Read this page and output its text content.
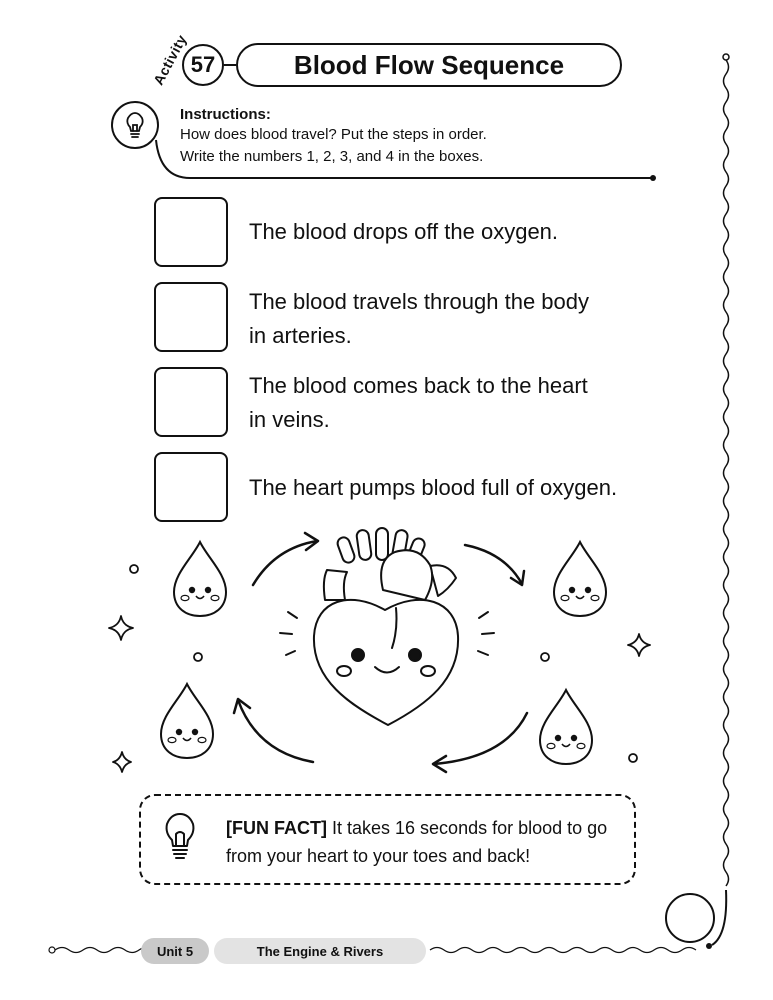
Activity 57	Blood Flow Sequence
Instructions:
How does blood travel? Put the steps in order.
Write the numbers 1, 2, 3, and 4 in the boxes.
The blood drops off the oxygen.
The blood travels through the body
in arteries.
The blood comes back to the heart
in veins.
The heart pumps blood full of oxygen.
[FUN FACT] It takes 16 seconds for blood to go
from your heart to your toes and back!
Unit 5	The Engine & Rivers
